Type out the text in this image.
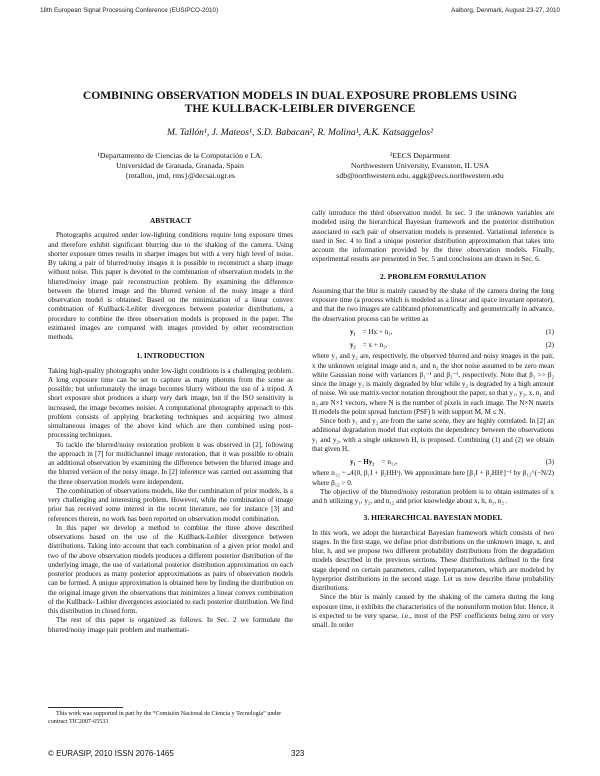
18th European Signal Processing Conference (EUSIPCO-2010)	Aalborg, Denmark, August 23-27, 2010
COMBINING OBSERVATION MODELS IN DUAL EXPOSURE PROBLEMS USING
THE KULLBACK-LEIBLER DIVERGENCE
M. Tallón¹, J. Mateos¹, S.D. Babacan², R. Molina¹, A.K. Katsaggelos²
¹Departamento de Ciencias de la Computación e I.A.
Universidad de Granada, Granada, Spain
{mtallon, jmd, rms}@decsai.ugr.es
²EECS Department
Northwestern University, Evanston, IL USA
sdb@northwestern.edu, aggk@eecs.northwestern.edu
ABSTRACT

Photographs acquired under low-lighting conditions require long exposure times and therefore exhibit significant blurring due to the shaking of the camera. Using shorter exposure times results in sharper images but with a very high level of noise. By taking a pair of blurred/noisy images it is possible to reconstruct a sharp image without noise. This paper is devoted to the combination of observation models in the blurred/noisy image pair reconstruction problem. By examining the difference between the blurred image and the blurred version of the noisy image a third observation model is obtained. Based on the minimization of a linear convex combination of Kullback-Leibler divergences between posterior distributions, a procedure to combine the three observation models is proposed in the paper. The estimated images are compared with images provided by other reconstruction methods.

1. INTRODUCTION

Taking high-quality photographs under low-light conditions is a challenging problem. A long exposure time can be set to capture as many photons from the scene as possible; but unfortunately the image becomes blurry without the use of a tripod. A short exposure shot produces a sharp very dark image, but if the ISO sensitivity is increased, the image becomes noisier. A computational photography approach to this problem consists of applying bracketing techniques and acquiring two almost simultaneous images of the above kind which are then combined using post-processing techniques.

To tackle the blurred/noisy restoration problem it was observed in [2], following the approach in [7] for multichannel image restoration, that it was possible to obtain an additional observation by examining the difference between the blurred image and the blurred version of the noisy image. In [2] inference was carried out assuming that the three observation models were independent.

The combination of observations models, like the combination of prior models, is a very challenging and interesting problem. However, while the combination of image prior has received some interest in the recent literature, see for instance [3] and references therein, no work has been reported on observation model combination.

In this paper we develop a method to combine the three above described observations based on the use of the Kullback-Leibler divergence between distributions. Taking into account that each combination of a given prior model and two of the above observation models produces a different posterior distribution of the underlying image, the use of variational posterior distribution approximation on each posterior produces as many posterior approximations as pairs of observation models can be formed. A unique approximation is obtained here by finding the distribution on the original image given the observations that minimizes a linear convex combination of the Kullback- Leibler divergences associated to each posterior distribution. We find this distribution in closed form.

The rest of this paper is organized as follows. In Sec. 2 we formulate the blurred/noisy image pair problem and mathemati-

This work was supported in part by the “Comisión Nacional de Ciencia y Tecnología” under contract TIC2007-65533

cally introduce the third observation model. In sec. 3 the unknown variables are modeled using the hierarchical Bayesian framework and the posterior distribution associated to each pair of observation models is presented. Variational inference is used in Sec. 4 to find a unique posterior distribution approximation that takes into account the information provided by the three observation models. Finally, experimental results are presented in Sec. 5 and conclusions are drawn in Sec. 6.

2. PROBLEM FORMULATION

Assuming that the blur is mainly caused by the shake of the camera during the long exposure time (a process which is modeled as a linear and space invariant operator), and that the two images are calibrated photometrically and geometrically in advance, the observation process can be written as

y₁ = Hx + n₁,	(1)
y₂ = x + n₂,	(2)

where y₁ and y₂ are, respectively, the observed blurred and noisy images in the pair, x the unknown original image and n₁ and n₂ the shot noise assumed to be zero mean white Gaussian noise with variances β₁⁻¹ and β₂⁻¹, respectively. Note that β₁ >> β₂ since the image y₁ is mainly degraded by blur while y₂ is degraded by a high amount of noise. We use matrix-vector notation throughout the paper, so that y₁, y₂, x, n₁ and n₂ are N×1 vectors, where N is the number of pixels in each image. The N×N matrix H models the point spread function (PSF) h with support M, M ≤ N.

Since both y₁ and y₂ are from the same scene, they are highly correlated. In [2] an additional degradation model that exploits the dependency between the observations y₁ and y₂, with a single unknown H, is proposed. Combining (1) and (2) we obtain that given H,

y₁ − Hy₂ = n₁₂,	(3)

where n₁₂ ~ 𝒩(0, β₁I + β₂HHᵗ). We approximate here [β₁I + β₂HHᵗ]⁻¹ by β₁₂^(−N/2) where β₁₂ > 0.

The objective of the blurred/noisy restoration problem is to obtain estimates of x and h utilizing y₁, y₂, and n₁₂ and prior knowledge about x, h, n₁, n₂ .

3. HIERARCHICAL BAYESIAN MODEL

In this work, we adopt the hierarchical Bayesian framework which consists of two stages. In the first stage, we define prior distributions on the unknown image, x, and blur, h, and we propose two different probability distributions from the degradation models described in the previous sections. These distributions defined in the first stage depend on certain parameters, called hyperparameters, which are modeled by hyperprior distributions in the second stage. Let us now describe those probability distributions.

Since the blur is mainly caused by the shaking of the camera during the long exposure time, it exhibits the characteristics of the nonuniform motion blur. Hence, it is expected to be very sparse, i.e., most of the PSF coefficients being zero or very small. In order

© EURASIP, 2010 ISSN 2076-1465	323
